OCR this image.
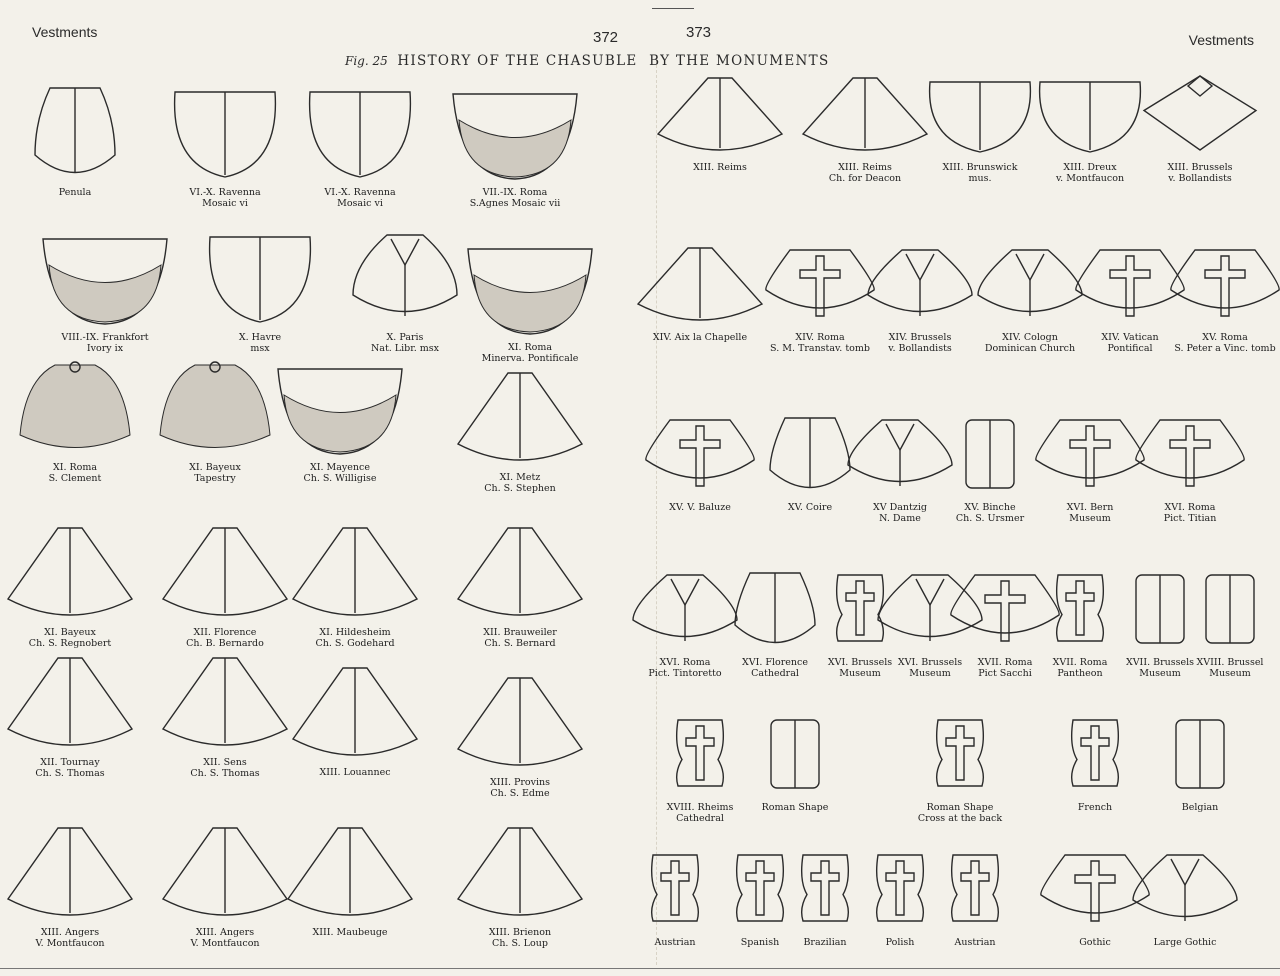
Vestments	372	373	Vestments
Fig. 25 HISTORY OF THE CHASUBLE BY THE MONUMENTS
Penula	VI.-X. Ravenna
Mosaic vi
VI.-X. Ravenna
Mosaic vi
VII.-IX. Roma
S.Agnes Mosaic vii
VIII.-IX. Frankfort
Ivory ix
X. Havre
msx
X. Paris
Nat. Libr. msx	XI. Roma
Minerva. Pontificale
XI. Roma
S. Clement
XI. Bayeux
Tapestry
XI. Mayence
Ch. S. Willigise	XI. Metz
Ch. S. Stephen
XI. Bayeux
Ch. S. Regnobert
XII. Florence
Ch. B. Bernardo
XI. Hildesheim
Ch. S. Godehard
XII. Brauweiler
Ch. S. Bernard
XII. Tournay
Ch. S. Thomas
XII. Sens
Ch. S. Thomas	XIII. Louannec
XIII. Provins
Ch. S. Edme
XIII. Angers
V. Montfaucon
XIII. Angers
V. Montfaucon
XIII. Maubeuge	XIII. Brienon
Ch. S. Loup
XIII. Reims	XIII. Reims
Ch. for Deacon
XIII. Brunswick
mus.
XIII. Dreux
v. Montfaucon
XIII. Brussels
v. Bollandists
XIV. Aix la Chapelle	XIV. Roma
S. M. Transtav. tomb
XIV. Brussels
v. Bollandists
XIV. Cologn
Dominican Church
XIV. Vatican
Pontifical
XV. Roma
S. Peter a Vinc. tomb
XV. V. Baluze	XV. Coire	XV Dantzig
N. Dame
XV. Binche
Ch. S. Ursmer
XVI. Bern
Museum
XVI. Roma
Pict. Titian
XVI. Roma
Pict. Tintoretto
XVI. Florence
Cathedral
XVI. Brussels
Museum
XVI. Brussels
Museum
XVII. Roma
Pict Sacchi
XVII. Roma
Pantheon
XVII. Brussels
Museum
XVIII. Brussel
Museum
XVIII. Rheims
Cathedral
Roman Shape	Roman Shape
Cross at the back
French	Belgian
Austrian	Spanish	Brazilian	Polish	Austrian	Gothic	Large Gothic
